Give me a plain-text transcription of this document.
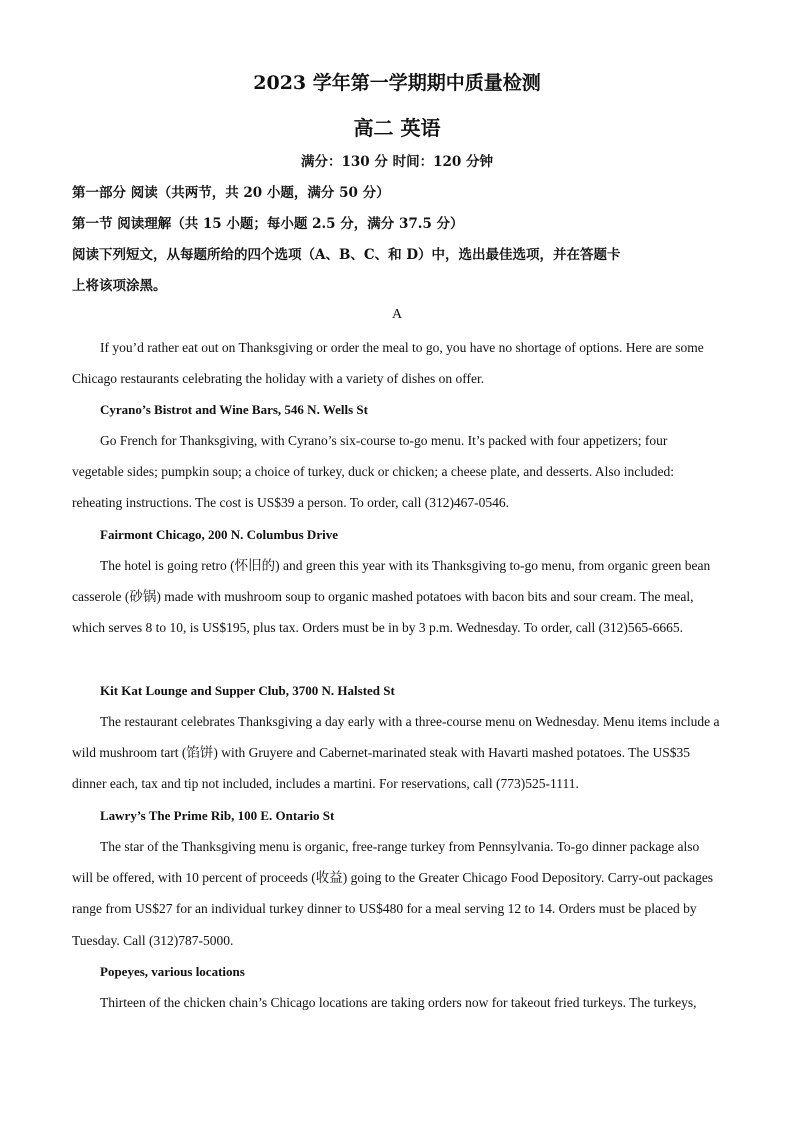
2023 学年第一学期期中质量检测
高二 英语
满分：130 分 时间：120 分钟
第一部分 阅读（共两节，共 20 小题，满分 50 分）
第一节 阅读理解（共 15 小题；每小题 2.5 分，满分 37.5 分）
阅读下列短文，从每题所给的四个选项（A、B、C、和 D）中，选出最佳选项，并在答题卡
上将该项涂黑。
A

If you’d rather eat out on Thanksgiving or order the meal to go, you have no shortage of options. Here are some Chicago restaurants celebrating the holiday with a variety of dishes on offer.

Cyrano’s Bistrot and Wine Bars, 546 N. Wells St

Go French for Thanksgiving, with Cyrano’s six-course to-go menu. It’s packed with four appetizers; four vegetable sides; pumpkin soup; a choice of turkey, duck or chicken; a cheese plate, and desserts. Also included: reheating instructions. The cost is US$39 a person. To order, call (312)467-0546.

Fairmont Chicago, 200 N. Columbus Drive

The hotel is going retro (怀旧的) and green this year with its Thanksgiving to-go menu, from organic green bean casserole (砂锅) made with mushroom soup to organic mashed potatoes with bacon bits and sour cream. The meal, which serves 8 to 10, is US$195, plus tax. Orders must be in by 3 p.m. Wednesday. To order, call (312)565-6665.

Kit Kat Lounge and Supper Club, 3700 N. Halsted St

The restaurant celebrates Thanksgiving a day early with a three-course menu on Wednesday. Menu items include a wild mushroom tart (馅饼) with Gruyere and Cabernet-marinated steak with Havarti mashed potatoes. The US$35 dinner each, tax and tip not included, includes a martini. For reservations, call (773)525-1111.

Lawry’s The Prime Rib, 100 E. Ontario St

The star of the Thanksgiving menu is organic, free-range turkey from Pennsylvania. To-go dinner package also will be offered, with 10 percent of proceeds (收益) going to the Greater Chicago Food Depository. Carry-out packages range from US$27 for an individual turkey dinner to US$480 for a meal serving 12 to 14. Orders must be placed by Tuesday. Call (312)787-5000.

Popeyes, various locations

Thirteen of the chicken chain’s Chicago locations are taking orders now for takeout fried turkeys. The turkeys,
